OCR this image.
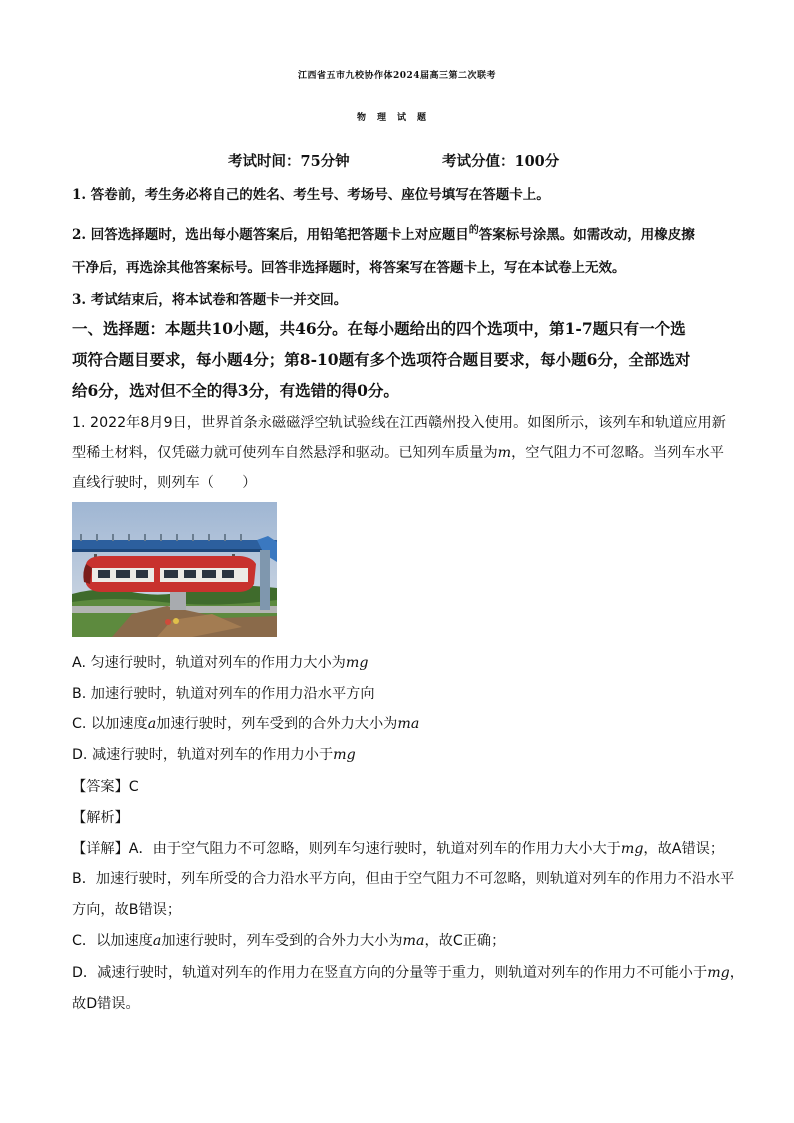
江西省五市九校协作体2024届高三第二次联考
物理试题
考试时间：75分钟	考试分值：100分
1. 答卷前，考生务必将自己的姓名、考生号、考场号、座位号填写在答题卡上。
2. 回答选择题时，选出每小题答案后，用铅笔把答题卡上对应题目$^的$答案标号涂黑。如需改动，用橡皮擦
干净后，再选涂其他答案标号。回答非选择题时，将答案写在答题卡上，写在本试卷上无效。
3. 考试结束后，将本试卷和答题卡一并交回。
一、选择题：本题共10小题，共46分。在每小题给出的四个选项中，第1-7题只有一个选
项符合题目要求，每小题4分；第8-10题有多个选项符合题目要求，每小题6分，全部选对
给6分，选对但不全的得3分，有选错的得0分。
1. 2022年8月9日，世界首条永磁磁浮空轨试验线在江西赣州投入使用。如图所示，该列车和轨道应用新
型稀土材料，仅凭磁力就可使列车自然悬浮和驱动。已知列车质量为m，空气阻力不可忽略。当列车水平
直线行驶时，则列车（　　）
A. 匀速行驶时，轨道对列车的作用力大小为mg
B. 加速行驶时，轨道对列车的作用力沿水平方向
C. 以加速度a加速行驶时，列车受到的合外力大小为ma
D. 减速行驶时，轨道对列车的作用力小于mg
【答案】C
【解析】
【详解】A．由于空气阻力不可忽略，则列车匀速行驶时，轨道对列车的作用力大小大于mg，故A错误；
B．加速行驶时，列车所受的合力沿水平方向，但由于空气阻力不可忽略，则轨道对列车的作用力不沿水平
方向，故B错误；
C．以加速度a加速行驶时，列车受到的合外力大小为ma，故C正确；
D．减速行驶时，轨道对列车的作用力在竖直方向的分量等于重力，则轨道对列车的作用力不可能小于mg，
故D错误。
